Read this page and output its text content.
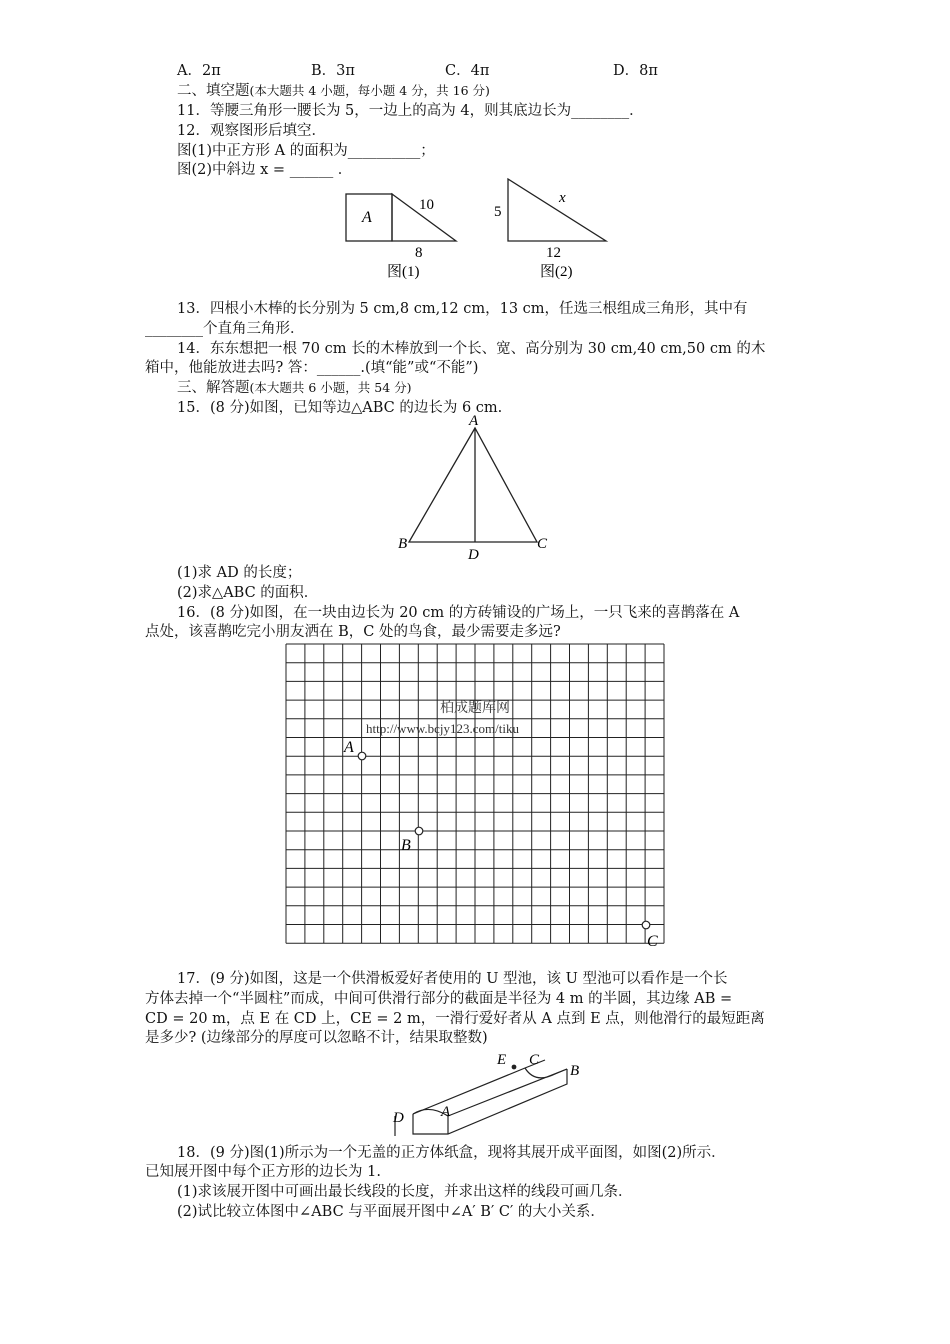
A．2π	B．3π	C．4π	D．8π
二、填空题(本大题共 4 小题，每小题 4 分，共 16 分)
11．等腰三角形一腰长为 5，一边上的高为 4，则其底边长为________．
12．观察图形后填空．
图(1)中正方形 A 的面积为__________；
图(2)中斜边 x = ______ ．
A
10
8
图(1)
5
x
12
图(2)
13．四根小木棒的长分别为 5 cm,8 cm,12 cm，13 cm，任选三根组成三角形，其中有
________个直角三角形．
14．东东想把一根 70 cm 长的木棒放到一个长、宽、高分别为 30 cm,40 cm,50 cm 的木
箱中，他能放进去吗? 答：______.(填“能”或“不能”)
三、解答题(本大题共 6 小题，共 54 分)
15．(8 分)如图，已知等边△ABC 的边长为 6 cm.
A
B	C
D
(1)求 AD 的长度；
(2)求△ABC 的面积．
16．(8 分)如图，在一块由边长为 20 cm 的方砖铺设的广场上，一只飞来的喜鹊落在 A
点处，该喜鹊吃完小朋友洒在 B，C 处的鸟食，最少需要走多远?
柏成题库网
http://www.bcjy123.com/tiku
A
B
C
17．(9 分)如图，这是一个供滑板爱好者使用的 U 型池，该 U 型池可以看作是一个长
方体去掉一个“半圆柱”而成，中间可供滑行部分的截面是半径为 4 m 的半圆，其边缘 AB =
CD = 20 m，点 E 在 CD 上，CE = 2 m，一滑行爱好者从 A 点到 E 点，则他滑行的最短距离
是多少? (边缘部分的厚度可以忽略不计，结果取整数)
E C
B
D A
18．(9 分)图(1)所示为一个无盖的正方体纸盒，现将其展开成平面图，如图(2)所示．
已知展开图中每个正方形的边长为 1.
(1)求该展开图中可画出最长线段的长度，并求出这样的线段可画几条．
(2)试比较立体图中∠ABC 与平面展开图中∠A′ B′ C′ 的大小关系．
